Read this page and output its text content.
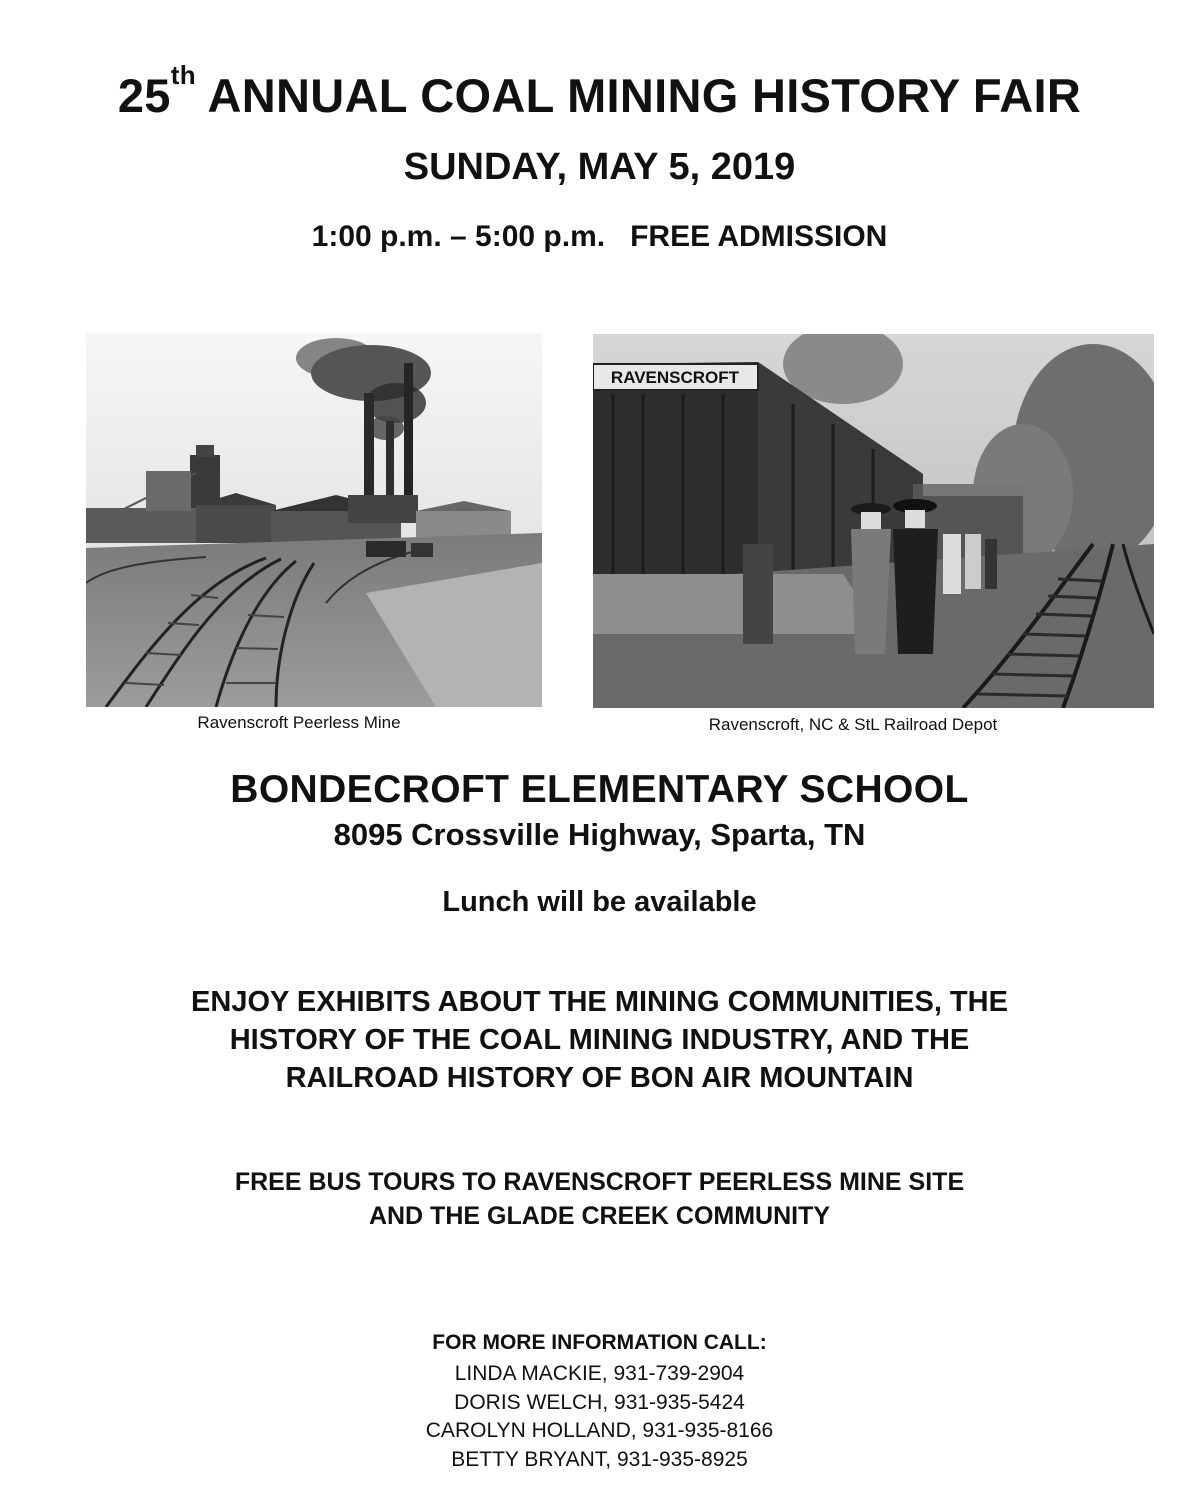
25th ANNUAL COAL MINING HISTORY FAIR
SUNDAY, MAY 5, 2019
1:00 p.m. – 5:00 p.m.   FREE ADMISSION
Ravenscroft Peerless Mine
RAVENSCROFT
Ravenscroft, NC & StL Railroad Depot
BONDECROFT ELEMENTARY SCHOOL
8095 Crossville Highway, Sparta, TN
Lunch will be available
ENJOY EXHIBITS ABOUT THE MINING COMMUNITIES, THE
HISTORY OF THE COAL MINING INDUSTRY, AND THE
RAILROAD HISTORY OF BON AIR MOUNTAIN
FREE BUS TOURS TO RAVENSCROFT PEERLESS MINE SITE
AND THE GLADE CREEK COMMUNITY
FOR MORE INFORMATION CALL:
LINDA MACKIE, 931-739-2904
DORIS WELCH, 931-935-5424
CAROLYN HOLLAND, 931-935-8166
BETTY BRYANT, 931-935-8925
